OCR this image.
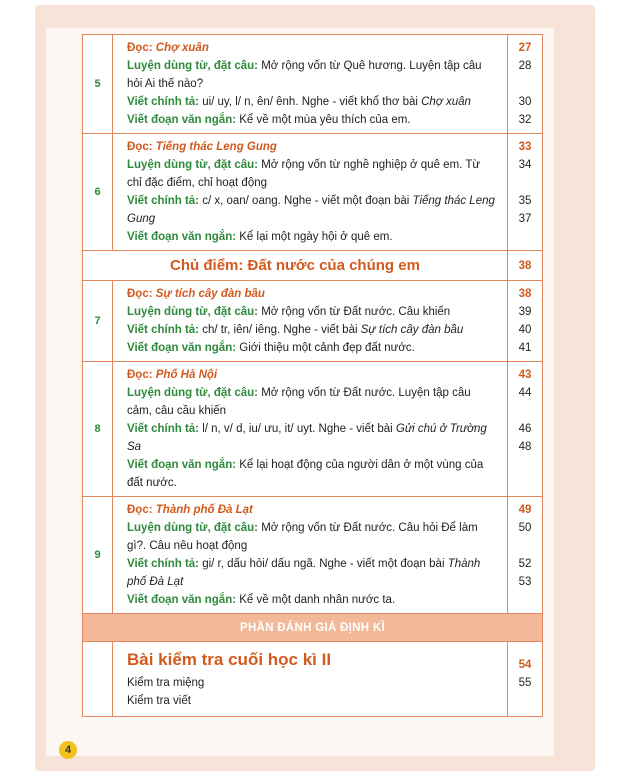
5
Đọc: Chợ xuân
Luyện dùng từ, đặt câu: Mở rộng vốn từ Quê hương. Luyện tập câu hỏi Ai thế nào?
Viết chính tả: ui/ uy, l/ n, ên/ ênh. Nghe - viết khổ thơ bài Chợ xuân
Viết đoạn văn ngắn: Kể về một mùa yêu thích của em.
27
28
30
32
6
Đọc: Tiếng thác Leng Gung
Luyện dùng từ, đặt câu: Mở rộng vốn từ nghề nghiệp ở quê em. Từ chỉ đặc điểm, chỉ hoạt động
Viết chính tả: c/ x, oan/ oang. Nghe - viết một đoạn bài Tiếng thác Leng Gung
Viết đoạn văn ngắn: Kể lại một ngày hội ở quê em.
33
34
35
37
Chủ điểm: Đất nước của chúng em	38
7
Đọc: Sự tích cây đàn bầu
Luyện dùng từ, đặt câu: Mở rộng vốn từ Đất nước. Câu khiến
Viết chính tả: ch/ tr, iên/ iêng. Nghe - viết bài Sự tích cây đàn bầu
Viết đoạn văn ngắn: Giới thiệu một cảnh đẹp đất nước.
38
39
40
41
8
Đọc: Phố Hà Nội
Luyện dùng từ, đặt câu: Mở rộng vốn từ Đất nước. Luyện tập câu cảm, câu cầu khiến
Viết chính tả: l/ n, v/ d, iu/ ưu, it/ uyt. Nghe - viết bài Gửi chú ở Trường Sa
Viết đoạn văn ngắn: Kể lại hoạt động của người dân ở một vùng của đất nước.
43
44
46
48
9
Đọc: Thành phố Đà Lạt
Luyện dùng từ, đặt câu: Mở rộng vốn từ Đất nước. Câu hỏi Để làm gì?. Câu nêu hoạt động
Viết chính tả: gi/ r, dấu hỏi/ dấu ngã. Nghe - viết một đoạn bài Thành phố Đà Lạt
Viết đoạn văn ngắn: Kể về một danh nhân nước ta.
49
50
52
53
PHẦN ĐÁNH GIÁ ĐỊNH KÌ
Bài kiểm tra cuối học kì II
Kiểm tra miệng
Kiểm tra viết
54
55
4
